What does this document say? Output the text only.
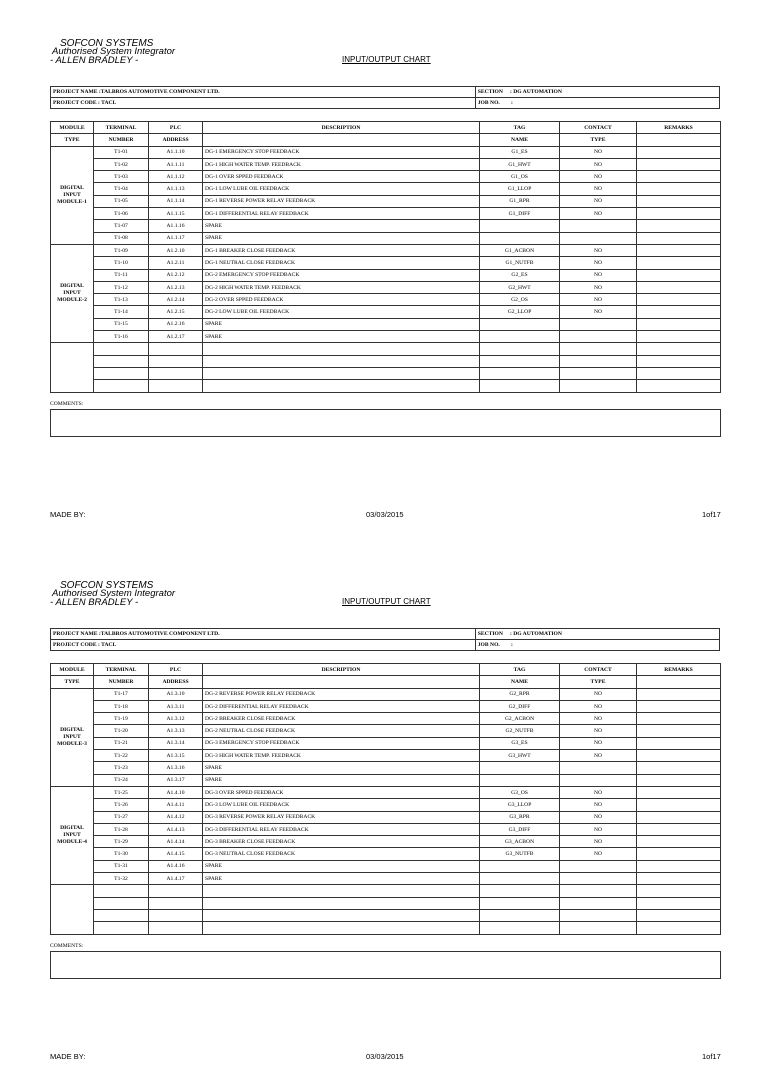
SOFCON SYSTEMS
Authorised System Integrator
- ALLEN BRADLEY -	INPUT/OUTPUT CHART
PROJECT NAME :TALBROS AUTOMOTIVE COMPONENT LTD.	SECTION : DG AUTOMATION
PROJECT CODE : TACL	JOB NO. :
MODULE	TERMINAL	PLC	DESCRIPTION	TAG	CONTACT	REMARKS
TYPE	NUMBER	ADDRESS		NAME	TYPE	

DIGITAL
INPUT
MODULE-1	T1-01	A1.1.10	DG-1 EMERGENCY STOP FEEDBACK	G1_ES	NO	
	T1-02	A1.1.11	DG-1 HIGH WATER TEMP. FEEDBACK	G1_HWT	NO	
	T1-03	A1.1.12	DG-1 OVER SPPED FEEDBACK	G1_OS	NO	
	T1-04	A1.1.13	DG-1 LOW LUBE OIL FEEDBACK	G1_LLOP	NO	
	T1-05	A1.1.14	DG-1 REVERSE POWER RELAY FEEDBACK	G1_RPR	NO	
	T1-06	A1.1.15	DG-1 DIFFERENTIAL RELAY FEEDBACK	G1_DIFF	NO	
	T1-07	A1.1.16	SPARE			
	T1-08	A1.1.17	SPARE			

DIGITAL
INPUT
MODULE-2	T1-09	A1.2.10	DG-1 BREAKER CLOSE FEEDBACK	G1_ACBON	NO	
	T1-10	A1.2.11	DG-1 NEUTRAL CLOSE FEEDBACK	G1_NUTFB	NO	
	T1-11	A1.2.12	DG-2 EMERGENCY STOP FEEDBACK	G2_ES	NO	
	T1-12	A1.2.13	DG-2 HIGH WATER TEMP. FEEDBACK	G2_HWT	NO	
	T1-13	A1.2.14	DG-2 OVER SPPED FEEDBACK	G2_OS	NO	
	T1-14	A1.2.15	DG-2 LOW LUBE OIL FEEDBACK	G2_LLOP	NO	
	T1-15	A1.2.16	SPARE			
	T1-16	A1.2.17	SPARE			

COMMENTS:
MADE BY:	03/03/2015	1of17
SOFCON SYSTEMS
Authorised System Integrator
- ALLEN BRADLEY -	INPUT/OUTPUT CHART
PROJECT NAME :TALBROS AUTOMOTIVE COMPONENT LTD.	SECTION : DG AUTOMATION
PROJECT CODE : TACL	JOB NO. :
MODULE	TERMINAL	PLC	DESCRIPTION	TAG	CONTACT	REMARKS
TYPE	NUMBER	ADDRESS		NAME	TYPE	

DIGITAL
INPUT
MODULE-3	T1-17	A1.3.10	DG-2 REVERSE POWER RELAY FEEDBACK	G2_RPR	NO	
	T1-18	A1.3.11	DG-2 DIFFERENTIAL RELAY FEEDBACK	G2_DIFF	NO	
	T1-19	A1.3.12	DG-2 BREAKER CLOSE FEEDBACK	G2_ACBON	NO	
	T1-20	A1.3.13	DG-2 NEUTRAL CLOSE FEEDBACK	G2_NUTFB	NO	
	T1-21	A1.3.14	DG-3 EMERGENCY STOP FEEDBACK	G3_ES	NO	
	T1-22	A1.3.15	DG-3 HIGH WATER TEMP. FEEDBACK	G3_HWT	NO	
	T1-23	A1.3.16	SPARE			
	T1-24	A1.3.17	SPARE			

DIGITAL
INPUT
MODULE-4	T1-25	A1.4.10	DG-3 OVER SPPED FEEDBACK	G3_OS	NO	
	T1-26	A1.4.11	DG-3 LOW LUBE OIL FEEDBACK	G3_LLOP	NO	
	T1-27	A1.4.12	DG-3 REVERSE POWER RELAY FEEDBACK	G3_RPR	NO	
	T1-28	A1.4.13	DG-3 DIFFERENTIAL RELAY FEEDBACK	G3_DIFF	NO	
	T1-29	A1.4.14	DG-3 BREAKER CLOSE FEEDBACK	G3_ACBON	NO	
	T1-30	A1.4.15	DG-3 NEUTRAL CLOSE FEEDBACK	G3_NUTFB	NO	
	T1-31	A1.4.16	SPARE			
	T1-32	A1.4.17	SPARE			

COMMENTS:
MADE BY:	03/03/2015	1of17
